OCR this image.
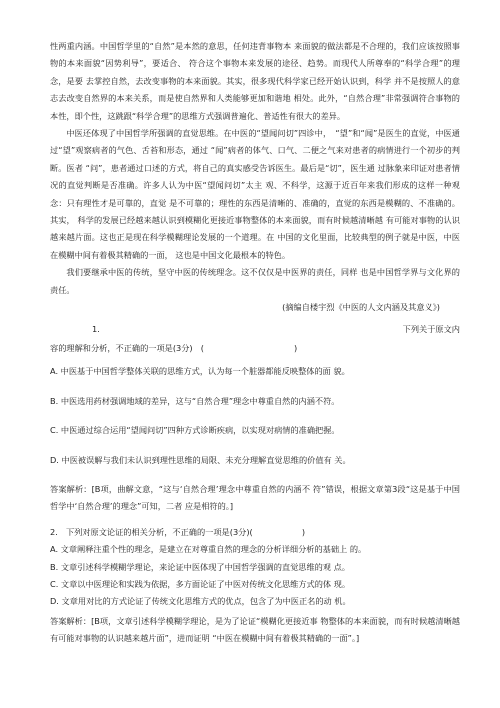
性两重内涵。中国哲学里的“自然”是本然的意思，任何违背事物本 来面貌的做法都是不合理的，我们应该按照事物的本来面貌“因势利导”，要适合、 符合这个事物本来发展的途径、趋势。而现代人所尊奉的“科学合理”的理念，是要 去掌控自然，去改变事物的本来面貌。其实，很多现代科学家已经开始认识到，科学 并不是按照人的意志去改变自然界的本来关系，而是使自然界和人类能够更加和谐地 相处。此外，“自然合理”非常强调符合事物的本性，即个性，这跳跟“科学合理”的思维方式强调普遍化、普适性有很大的差异。

中医还体现了中国哲学所强调的直觉思维。在中医的“望闻问切”四诊中，　“望”和“闻”是医生的直觉，中医通过“望”观察病者的气色、舌苔和形态，通过 “闻”病者的体气、口气、二便之气来对患者的病情进行一个初步的判断。医者 “问”，患者通过口述的方式，将自己的真实感受告诉医生。最后是“切”，医生通 过脉象来印证对患者情况的直觉判断是否准确。许多人认为中医“望闻问切”太主 观、不科学，这源于近百年来我们形成的这样一种观念：只有理性才是可靠的，直觉 是不可靠的；理性的东西是清晰的、准确的，直觉的东西是模糊的、不准确的。其实， 科学的发展已经越来越认识到模糊化更接近事物整体的本来面貌，而有时候越清晰越 有可能对事物的认识越来越片面。这也正是现在科学模糊理论发展的一个道理。在 中国的文化里面，比较典型的例子就是中医，中医在模糊中间有着极其精确的一面， 这也是中国文化最根本的特色。

我们要继承中医的传统，坚守中医的传统理念。这不仅仅是中医界的责任，同样 也是中国哲学界与文化界的责任。

(摘编自楼宇烈《中医的人文内涵及其意义》)

1.	下列关于原文内

容的理解和分析，不正确的一项是(3分)　(　　　　　　　　　　　)

A. 中医基于中国哲学整体关联的思维方式，认为每一个脏器都能反映整体的面 貌。

B. 中医选用药材强调地域的差异，这与“自然合理”理念中尊重自然的内涵不符。

C. 中医通过综合运用“望闻问切”四种方式诊断疾病，以实现对病情的准确把握。

D. 中医被误解与我们未认识到理性思维的局限、未充分理解直觉思维的价值有 关。

答案解析：[B项，曲解文意，“这与‘自然合理’理念中尊重自然的内涵不 符”错误，根据文章第3段“这是基于中国哲学中‘自然合理’的理念”可知，二者 应是相符的。]

2.　下列对原文论证的相关分析，不正确的一项是(3分)(　　　　　　)

A. 文章阐释注重个性的理念，是建立在对尊重自然的理念的分析详细分析的基础上 的。

B. 文章引述科学模糊学理论，来论证中医体现了中国哲学强调的直觉思维的观 点。

C. 文章以中医理论和实践为依据，多方面论证了中医对传统文化思维方式的体 现。

D. 文章用对比的方式论证了传统文化思维方式的优点，包含了为中医正名的动 机。

答案解析：[B项，文章引述科学模糊学理论，是为了论证“模糊化更接近事 物整体的本来面貌，而有时候越清晰越有可能对事物的认识越来越片面”，进而证明 “中医在模糊中间有着极其精确的一面”。]
